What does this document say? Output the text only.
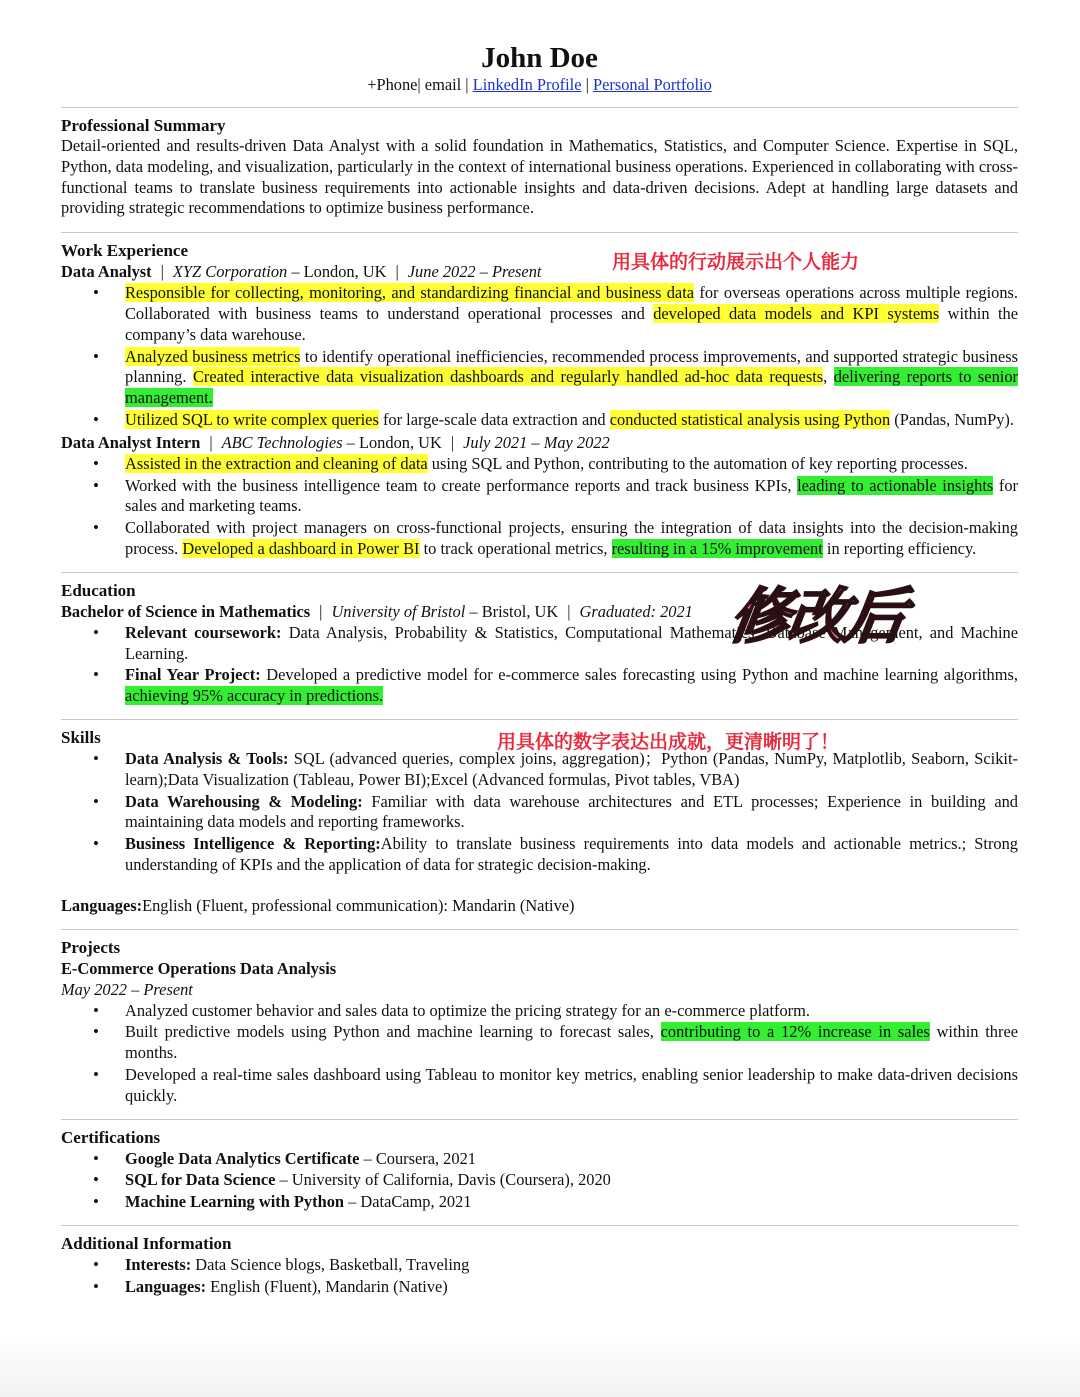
John Doe
+Phone| email | LinkedIn Profile | Personal Portfolio
Professional Summary
Detail-oriented and results-driven Data Analyst with a solid foundation in Mathematics, Statistics, and Computer Science. Expertise in SQL, Python, data modeling, and visualization, particularly in the context of international business operations. Experienced in collaborating with cross-functional teams to translate business requirements into actionable insights and data-driven decisions. Adept at handling large datasets and providing strategic recommendations to optimize business performance.
Work Experience
Data Analyst | XYZ Corporation – London, UK | June 2022 – Present
• Responsible for collecting, monitoring, and standardizing financial and business data for overseas operations across multiple regions. Collaborated with business teams to understand operational processes and developed data models and KPI systems within the company’s data warehouse.
• Analyzed business metrics to identify operational inefficiencies, recommended process improvements, and supported strategic business planning. Created interactive data visualization dashboards and regularly handled ad-hoc data requests, delivering reports to senior management.
• Utilized SQL to write complex queries for large-scale data extraction and conducted statistical analysis using Python (Pandas, NumPy).
Data Analyst Intern | ABC Technologies – London, UK | July 2021 – May 2022
• Assisted in the extraction and cleaning of data using SQL and Python, contributing to the automation of key reporting processes.
• Worked with the business intelligence team to create performance reports and track business KPIs, leading to actionable insights for sales and marketing teams.
• Collaborated with project managers on cross-functional projects, ensuring the integration of data insights into the decision-making process. Developed a dashboard in Power BI to track operational metrics, resulting in a 15% improvement in reporting efficiency.
Education
Bachelor of Science in Mathematics | University of Bristol – Bristol, UK | Graduated: 2021
• Relevant coursework: Data Analysis, Probability & Statistics, Computational Mathematics, Database Management, and Machine Learning.
• Final Year Project: Developed a predictive model for e-commerce sales forecasting using Python and machine learning algorithms, achieving 95% accuracy in predictions.
Skills
• Data Analysis & Tools: SQL (advanced queries, complex joins, aggregation)；Python (Pandas, NumPy, Matplotlib, Seaborn, Scikit-learn);Data Visualization (Tableau, Power BI);Excel (Advanced formulas, Pivot tables, VBA)
• Data Warehousing & Modeling: Familiar with data warehouse architectures and ETL processes; Experience in building and maintaining data models and reporting frameworks.
• Business Intelligence & Reporting:Ability to translate business requirements into data models and actionable metrics.; Strong understanding of KPIs and the application of data for strategic decision-making.
Languages:English (Fluent, professional communication): Mandarin (Native)
Projects
E-Commerce Operations Data Analysis
May 2022 – Present
• Analyzed customer behavior and sales data to optimize the pricing strategy for an e-commerce platform.
• Built predictive models using Python and machine learning to forecast sales, contributing to a 12% increase in sales within three months.
• Developed a real-time sales dashboard using Tableau to monitor key metrics, enabling senior leadership to make data-driven decisions quickly.
Certifications
• Google Data Analytics Certificate – Coursera, 2021
• SQL for Data Science – University of California, Davis (Coursera), 2020
• Machine Learning with Python – DataCamp, 2021
Additional Information
• Interests: Data Science blogs, Basketball, Traveling
• Languages: English (Fluent), Mandarin (Native)
用具体的行动展示出个人能力
用具体的数字表达出成就，更清晰明了！
修改后
